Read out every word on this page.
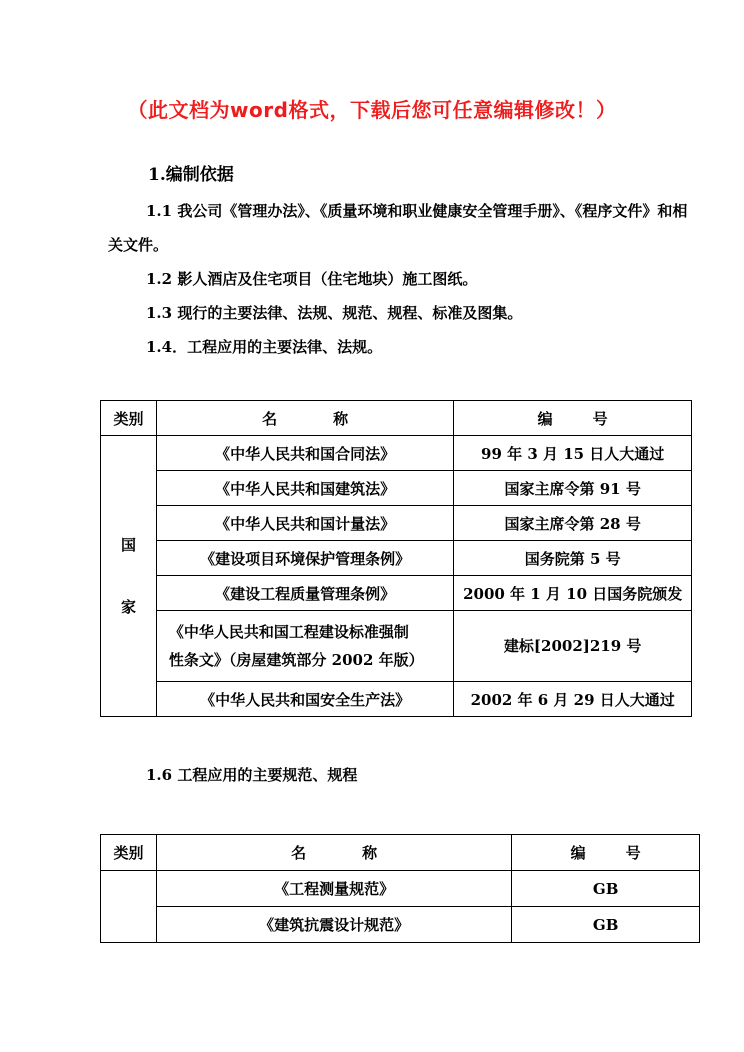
（此文档为word格式，下载后您可任意编辑修改！）
1.编制依据
1.1 我公司《管理办法》、《质量环境和职业健康安全管理手册》、《程序文件》和相关文件。
1.2 影人酒店及住宅项目（住宅地块）施工图纸。
1.3 现行的主要法律、法规、规范、规程、标准及图集。
1.4．工程应用的主要法律、法规。
类别	名 称	编 号

国
家	《中华人民共和国合同法》	99 年 3 月 15 日人大通过
	《中华人民共和国建筑法》	国家主席令第 91 号
	《中华人民共和国计量法》	国家主席令第 28 号
	《建设项目环境保护管理条例》	国务院第 5 号
	《建设工程质量管理条例》	2000 年 1 月 10 日国务院颁发

	《中华人民共和国工程建设标准强制
性条文》（房屋建筑部分 2002 年版）	建标[2002]219 号
	《中华人民共和国安全生产法》	2002 年 6 月 29 日人大通过
1.6 工程应用的主要规范、规程
类别	名 称	编 号
	《工程测量规范》	GB
	《建筑抗震设计规范》	GB
